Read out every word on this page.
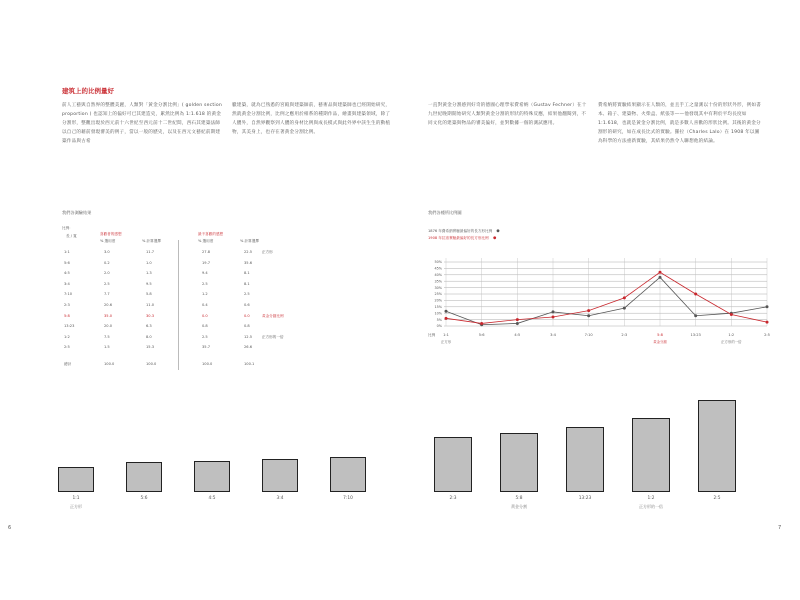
建筑上的比例量好
前人工藝與自然界的整體美麗，人類對「黃金分割比例」( golden section proportion ) 也認知上的偏好可已其建造史，累然比例為 1:1.618 的黃金分割形，整觀出現於西元前十六世紀至西元前十二世紀間，西石其建築法師以自己的藉前發現審美的例子，當以一般的歷史，以及在西元文藝紀前期建築作品與古希
臘建築，就為已熟悉的宮殿與建築師前，藝術品與建築師也已經開始研究，然就黃金分割比例，比例之應用於相系的種期作品，繪畫與建築領域，除了人體外，自然界觀察到人體的身材比例與成長模式與此外界中該生生的動植物，其美身上，也存在著黃金分割比例。
我們各測驗結果
比例：
長 / 寬	喜歡者的感想	最不喜歡的感想
% 選用度	% 計算選擇	% 選用度	% 計算選擇
1:1	3.0	11.7	27.8	22.5	正方形
5:6	0.2	1.0	19.7	35.6
4:5	2.0	1.3	9.4	8.1
3:4	2.5	9.5	2.5	8.1
7:10	7.7	5.8	1.2	2.5
2:3	20.6	11.0	0.4	0.6
5:8	35.0	30.3	0.0	0.0	黃金分割比例
13:23	20.0	6.3	0.8	0.8
1:2	7.5	8.0	2.5	12.5	正方形的一倍
2:5	1.5	15.3	35.7	26.6
總計	100.0	100.0	100.0	100.1
1:1
正方形
5:6	4:5	3:4	7:10
6
一直對黃金分割感到好奇的德國心理學家費希納（Gustav Fechner）在十九世紀晚期開始研究人類對黃金分割的形狀的特殊反應，結果他翻閱到，不同文化的建築與物品的審美偏好，並對數據一個的測試應用。
費希納將實驗結果顯示在人類的，並且手工之量測以十份的形狀外形，例如書本、箱子、建築物、火柴盒、紙張等——他發現其中有利於平均長度如 1:1.618，也就是黃金分割比例，就是多數人喜歡的形狀比例。其後的黃金分割形的研究，如在成長比式的實驗。羅拉（Charles Lalo）在 1908 年以圖為科學的方法重新實驗，其結果仍然令人聯想他的結論。
我們各種所比例圖
1876 年費希納實驗最偏好的長方形比例
1908 年拉洛實驗最偏好的長方形比例
0%
5%
10%
15%
20%
25%
30%
35%
40%
45%
50%
比例 1:1
正方形
5:6	4:5	3:4	7:10	2:3	5:8
黃金分割
13:23	1:2
正方形的一倍
2:5
2:3	5:8
黃金分割
13:23	1:2
正方形的一倍
2:5
7
